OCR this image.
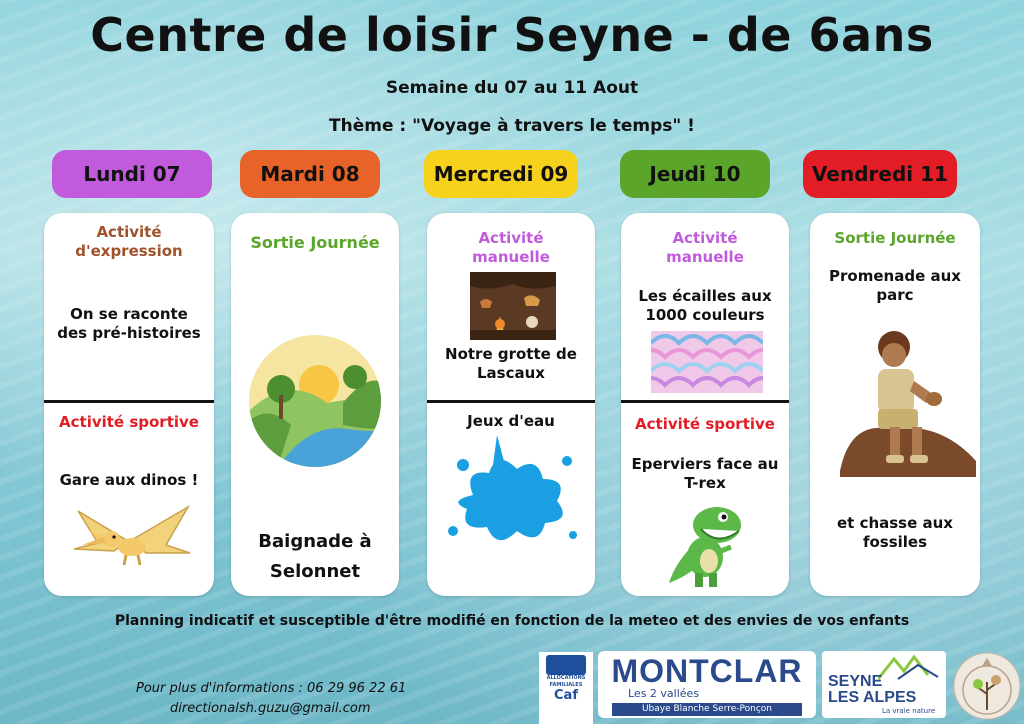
Centre de loisir Seyne - de 6ans
Semaine du 07 au 11 Aout
Thème : "Voyage à travers le temps" !
Lundi 07	Mardi 08	Mercredi 09	Jeudi 10	Vendredi 11
Activité
d'expression
On se raconte
des pré-histoires
Activité sportive
Gare aux dinos !
Sortie Journée
Baignade à
Selonnet
Activité
manuelle
Notre grotte de
Lascaux
Jeux d'eau
Activité
manuelle
Les écailles aux
1000 couleurs
Activité sportive
Eperviers face au
T-rex
Sortie Journée
Promenade aux
parc
et chasse aux
fossiles
Planning indicatif et susceptible d'être modifié en fonction de la meteo et des envies de vos enfants
Pour plus d'informations : 06 29 96 22 61
directionalsh.guzu@gmail.com
ALLOCATIONS
FAMILIALES
Caf
MONTCLAR
Les 2 vallées
Ubaye Blanche Serre-Ponçon
SEYNE
LES ALPES
La vraie nature
